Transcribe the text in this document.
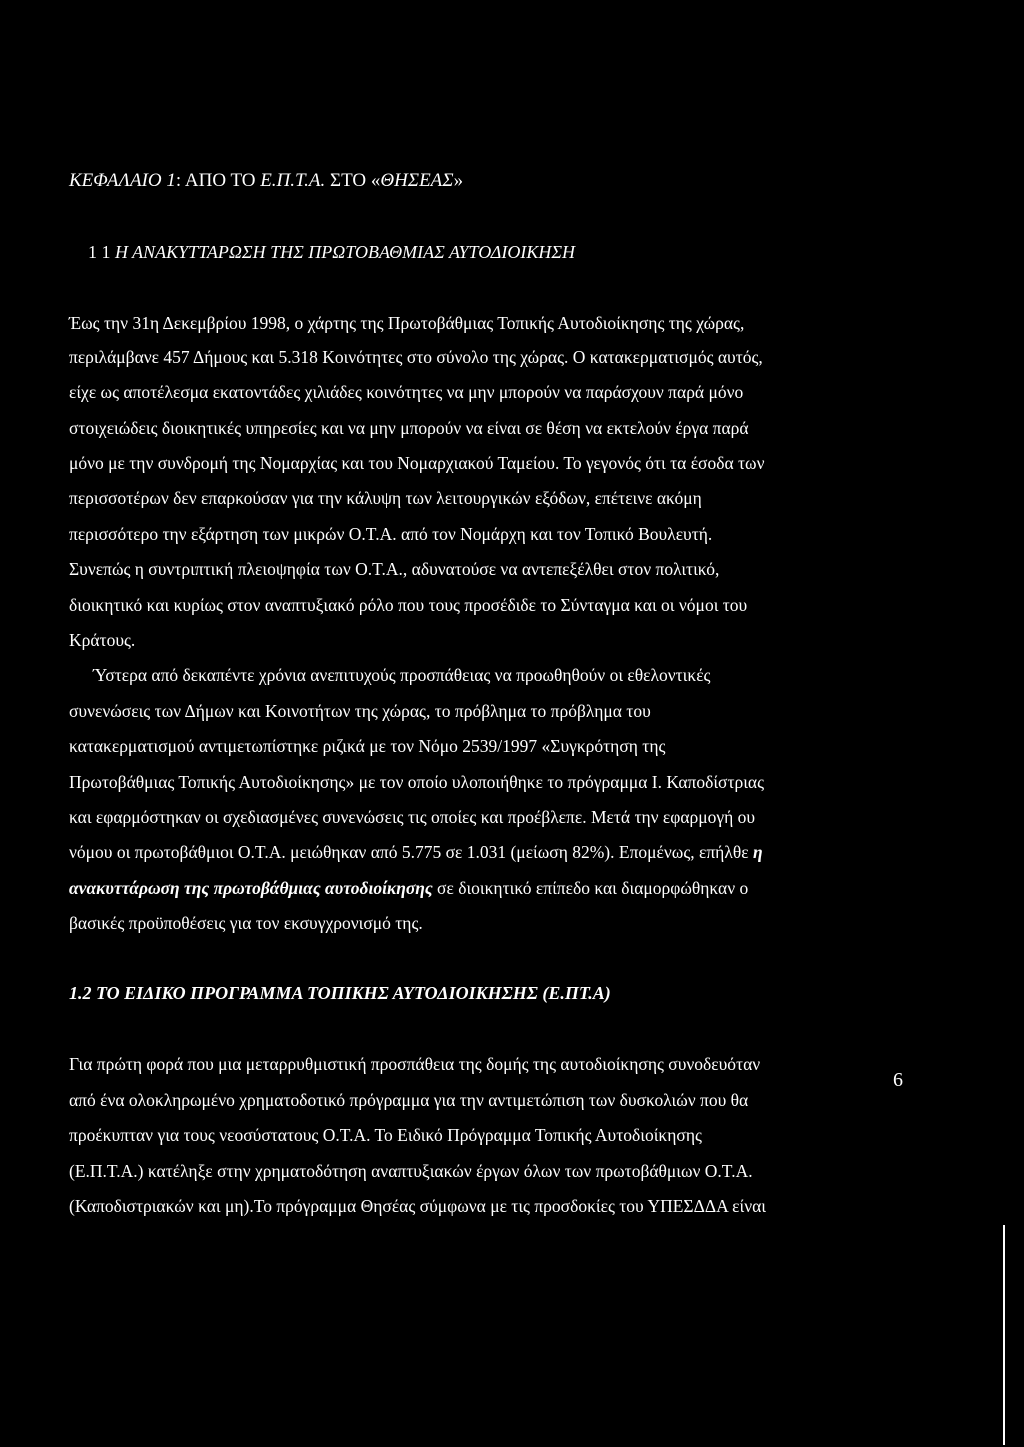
ΚΕΦΑΛΑΙΟ 1: ΑΠΟ ΤΟ Ε.Π.Τ.Α. ΣΤΟ «ΘΗΣΕΑΣ»
1 1 Η ΑΝΑΚΥΤΤΑΡΩΣΗ ΤΗΣ ΠΡΩΤΟΒΑΘΜΙΑΣ ΑΥΤΟΔΙΟΙΚΗΣΗ
Έως την 31η Δεκεμβρίου 1998, ο χάρτης της Πρωτοβάθμιας Τοπικής Αυτοδιοίκησης της χώρας,
περιλάμβανε 457 Δήμους και 5.318 Κοινότητες στο σύνολο της χώρας. Ο κατακερματισμός αυτός,
είχε ως αποτέλεσμα εκατοντάδες χιλιάδες κοινότητες να μην μπορούν να παράσχουν παρά μόνο
στοιχειώδεις διοικητικές υπηρεσίες και να μην μπορούν να είναι σε θέση να εκτελούν έργα παρά
μόνο με την συνδρομή της Νομαρχίας και του Νομαρχιακού Ταμείου. Το γεγονός ότι τα έσοδα των
περισσοτέρων δεν επαρκούσαν για την κάλυψη των λειτουργικών εξόδων, επέτεινε ακόμη
περισσότερο την εξάρτηση των μικρών Ο.Τ.Α. από τον Νομάρχη και τον Τοπικό Βουλευτή.
Συνεπώς η συντριπτική πλειοψηφία των Ο.Τ.Α., αδυνατούσε να αντεπεξέλθει στον πολιτικό,
διοικητικό και κυρίως στον αναπτυξιακό ρόλο που τους προσέδιδε το Σύνταγμα και οι νόμοι του
Κράτους.
Ύστερα από δεκαπέντε χρόνια ανεπιτυχούς προσπάθειας να προωθηθούν οι εθελοντικές
συνενώσεις των Δήμων και Κοινοτήτων της χώρας, το πρόβλημα το πρόβλημα του
κατακερματισμού αντιμετωπίστηκε ριζικά με τον Νόμο 2539/1997 «Συγκρότηση της
Πρωτοβάθμιας Τοπικής Αυτοδιοίκησης» με τον οποίο υλοποιήθηκε το πρόγραμμα Ι. Καποδίστριας
και εφαρμόστηκαν οι σχεδιασμένες συνενώσεις τις οποίες και προέβλεπε. Μετά την εφαρμογή ου
νόμου οι πρωτοβάθμιοι Ο.Τ.Α. μειώθηκαν από 5.775 σε 1.031 (μείωση 82%). Επομένως, επήλθε η
ανακυττάρωση της πρωτοβάθμιας αυτοδιοίκησης σε διοικητικό επίπεδο και διαμορφώθηκαν ο
βασικές προϋποθέσεις για τον εκσυγχρονισμό της.
1.2 ΤΟ ΕΙΔΙΚΟ ΠΡΟΓΡΑΜΜΑ ΤΟΠΙΚΗΣ ΑΥΤΟΔΙΟΙΚΗΣΗΣ (Ε.ΠΤ.Α)
Για πρώτη φορά που μια μεταρρυθμιστική προσπάθεια της δομής της αυτοδιοίκησης συνοδευόταν
από ένα ολοκληρωμένο χρηματοδοτικό πρόγραμμα για την αντιμετώπιση των δυσκολιών που θα
προέκυπταν για τους νεοσύστατους Ο.Τ.Α. Το Ειδικό Πρόγραμμα Τοπικής Αυτοδιοίκησης
(Ε.Π.Τ.Α.) κατέληξε στην χρηματοδότηση αναπτυξιακών έργων όλων των πρωτοβάθμιων Ο.Τ.Α.
(Καποδιστριακών και μη).Το πρόγραμμα Θησέας σύμφωνα με τις προσδοκίες του ΥΠΕΣΔΔΑ είναι
6
